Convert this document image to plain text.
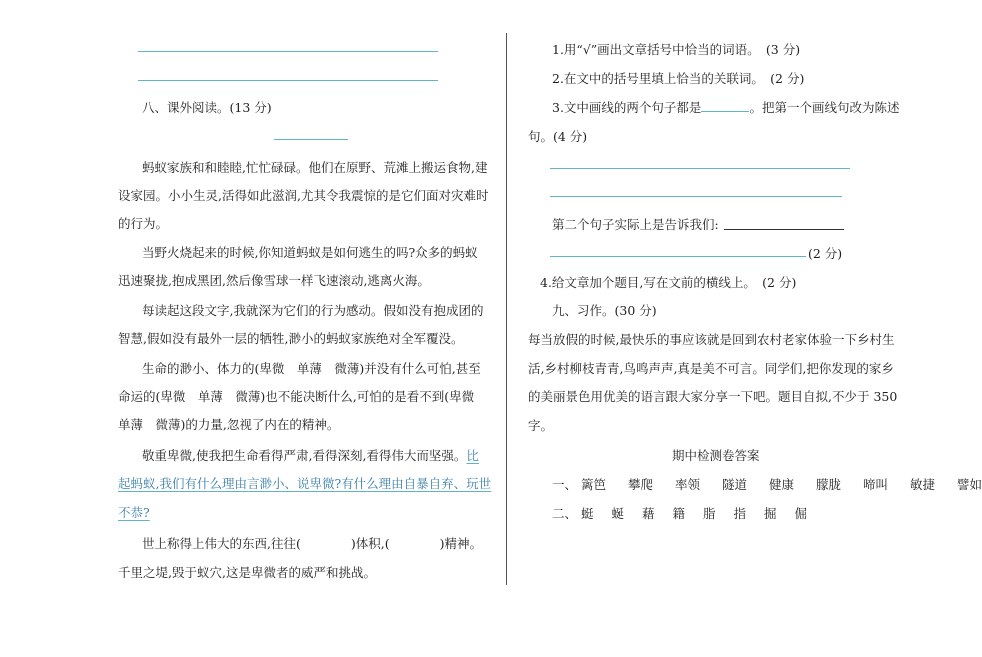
八、课外阅读。(13 分)
蚂蚁家族和和睦睦,忙忙碌碌。他们在原野、荒滩上搬运食物,建
设家园。小小生灵,活得如此滋润,尤其令我震惊的是它们面对灾难时
的行为。
当野火烧起来的时候,你知道蚂蚁是如何逃生的吗?众多的蚂蚁
迅速聚拢,抱成黑团,然后像雪球一样飞速滚动,逃离火海。
每读起这段文字,我就深为它们的行为感动。假如没有抱成团的
智慧,假如没有最外一层的牺牲,渺小的蚂蚁家族绝对全军覆没。
生命的渺小、体力的(卑微　单薄　微薄)并没有什么可怕,甚至
命运的(卑微　单薄　微薄)也不能决断什么,可怕的是看不到(卑微
单薄　微薄)的力量,忽视了内在的精神。
敬重卑微,使我把生命看得严肃,看得深刻,看得伟大而坚强。比
起蚂蚁,我们有什么理由言渺小、说卑微?有什么理由自暴自弃、玩世
不恭?
世上称得上伟大的东西,往往(	)体积,(	)精神。
千里之堤,毁于蚁穴,这是卑微者的威严和挑战。
1.用“√”画出文章括号中恰当的词语。　(3 分)
2.在文中的括号里填上恰当的关联词。　(2 分)
3.文中画线的两个句子都是	。把第一个画线句改为陈述
句。(4 分)
第二个句子实际上是告诉我们:
(2 分)
4.给文章加个题目,写在文前的横线上。　(2 分)
九、习作。(30 分)
每当放假的时候,最快乐的事应该就是回到农村老家体验一下乡村生
活,乡村柳枝青青,鸟鸣声声,真是美不可言。同学们,把你发现的家乡
的美丽景色用优美的语言跟大家分享一下吧。题目自拟,不少于 350
字。
期中检测卷答案
一、 篱笆 攀爬 率领 隧道 健康 朦胧 啼叫 敏捷 譬如
二、 蜓 蜒 藉 籍 脂 指 掘 倔
